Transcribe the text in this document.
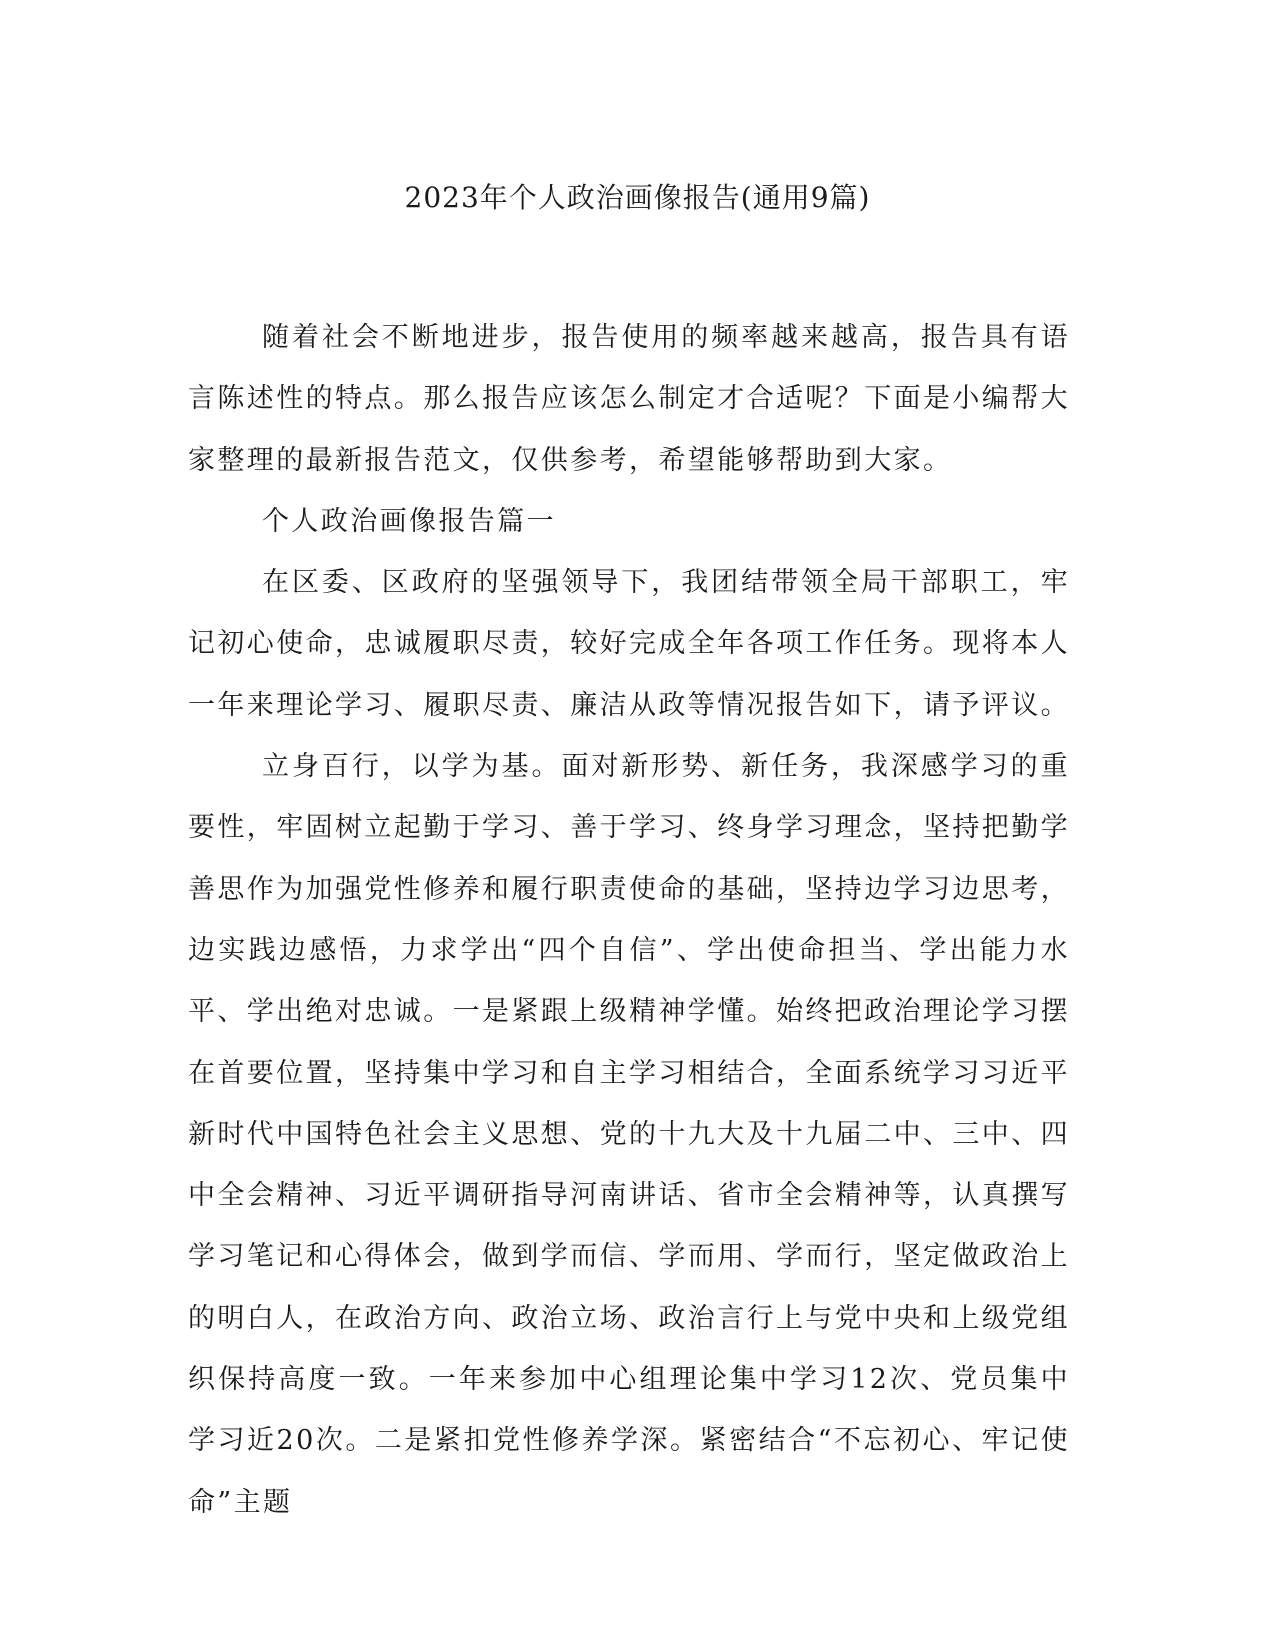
2023年个人政治画像报告(通用9篇)

随着社会不断地进步，报告使用的频率越来越高，报告具有语言陈述性的特点。那么报告应该怎么制定才合适呢？下面是小编帮大家整理的最新报告范文，仅供参考，希望能够帮助到大家。

个人政治画像报告篇一

在区委、区政府的坚强领导下，我团结带领全局干部职工，牢记初心使命，忠诚履职尽责，较好完成全年各项工作任务。现将本人一年来理论学习、履职尽责、廉洁从政等情况报告如下，请予评议。

立身百行，以学为基。面对新形势、新任务，我深感学习的重要性，牢固树立起勤于学习、善于学习、终身学习理念，坚持把勤学善思作为加强党性修养和履行职责使命的基础，坚持边学习边思考，边实践边感悟，力求学出“四个自信”、学出使命担当、学出能力水平、学出绝对忠诚。一是紧跟上级精神学懂。始终把政治理论学习摆在首要位置，坚持集中学习和自主学习相结合，全面系统学习习近平新时代中国特色社会主义思想、党的十九大及十九届二中、三中、四中全会精神、习近平调研指导河南讲话、省市全会精神等，认真撰写学习笔记和心得体会，做到学而信、学而用、学而行，坚定做政治上的明白人，在政治方向、政治立场、政治言行上与党中央和上级党组织保持高度一致。一年来参加中心组理论集中学习12次、党员集中学习近20次。二是紧扣党性修养学深。紧密结合“不忘初心、牢记使命”主题
